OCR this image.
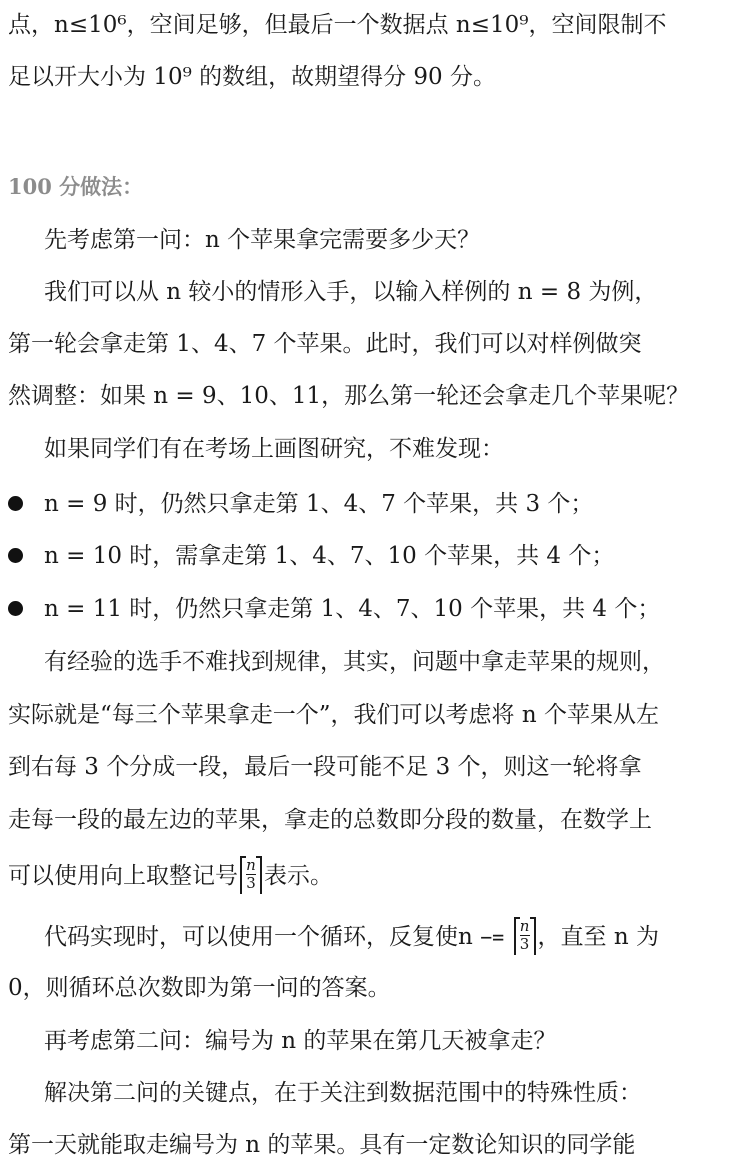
点，n≤10⁶，空间足够，但最后一个数据点 n≤10⁹，空间限制不
足以开大小为 10⁹ 的数组，故期望得分 90 分。
100 分做法：
先考虑第一问：n 个苹果拿完需要多少天？
我们可以从 n 较小的情形入手，以输入样例的 n = 8 为例，
第一轮会拿走第 1、4、7 个苹果。此时，我们可以对样例做突
然调整：如果 n = 9、10、11，那么第一轮还会拿走几个苹果呢？
如果同学们有在考场上画图研究，不难发现：
n = 9 时，仍然只拿走第 1、4、7 个苹果，共 3 个；
n = 10 时，需拿走第 1、4、7、10 个苹果，共 4 个；
n = 11 时，仍然只拿走第 1、4、7、10 个苹果，共 4 个；
有经验的选手不难找到规律，其实，问题中拿走苹果的规则，
实际就是“每三个苹果拿走一个”，我们可以考虑将 n 个苹果从左
到右每 3 个分成一段，最后一段可能不足 3 个，则这一轮将拿
走每一段的最左边的苹果，拿走的总数即分段的数量，在数学上
可以使用向上取整记号 $\frac{n}{3}$ 表示。
代码实现时，可以使用一个循环，反复使$n -= \frac{n}{3}$ ，直至 n 为
0，则循环总次数即为第一问的答案。
再考虑第二问：编号为 n 的苹果在第几天被拿走？
解决第二问的关键点，在于关注到数据范围中的特殊性质：
第一天就能取走编号为 n 的苹果。具有一定数论知识的同学能
